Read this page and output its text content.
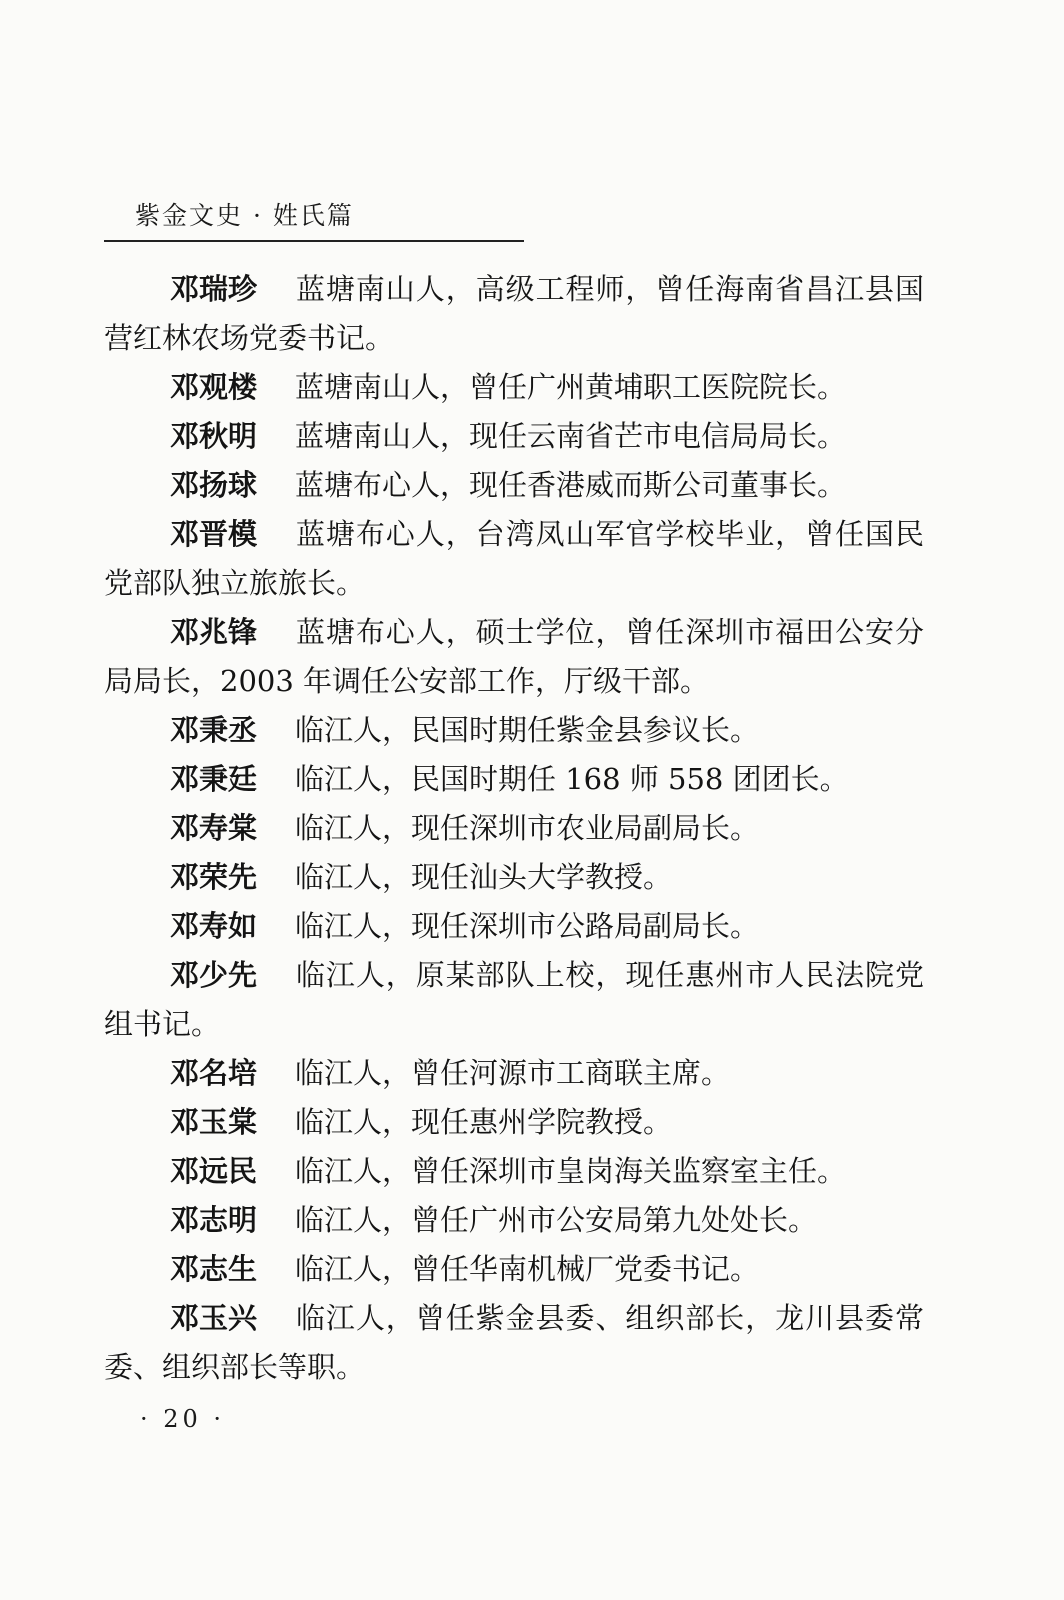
紫金文史 · 姓氏篇

邓瑞珍 蓝塘南山人，高级工程师，曾任海南省昌江县国营红林农场党委书记。

邓观楼 蓝塘南山人，曾任广州黄埔职工医院院长。

邓秋明 蓝塘南山人，现任云南省芒市电信局局长。

邓扬球 蓝塘布心人，现任香港威而斯公司董事长。

邓晋模 蓝塘布心人，台湾凤山军官学校毕业，曾任国民党部队独立旅旅长。

邓兆锋 蓝塘布心人，硕士学位，曾任深圳市福田公安分局局长，2003 年调任公安部工作，厅级干部。

邓秉丞 临江人，民国时期任紫金县参议长。

邓秉廷 临江人，民国时期任 168 师 558 团团长。

邓寿棠 临江人，现任深圳市农业局副局长。

邓荣先 临江人，现任汕头大学教授。

邓寿如 临江人，现任深圳市公路局副局长。

邓少先 临江人，原某部队上校，现任惠州市人民法院党组书记。

邓名培 临江人，曾任河源市工商联主席。

邓玉棠 临江人，现任惠州学院教授。

邓远民 临江人，曾任深圳市皇岗海关监察室主任。

邓志明 临江人，曾任广州市公安局第九处处长。

邓志生 临江人，曾任华南机械厂党委书记。

邓玉兴 临江人，曾任紫金县委、组织部长，龙川县委常委、组织部长等职。

· 20 ·
